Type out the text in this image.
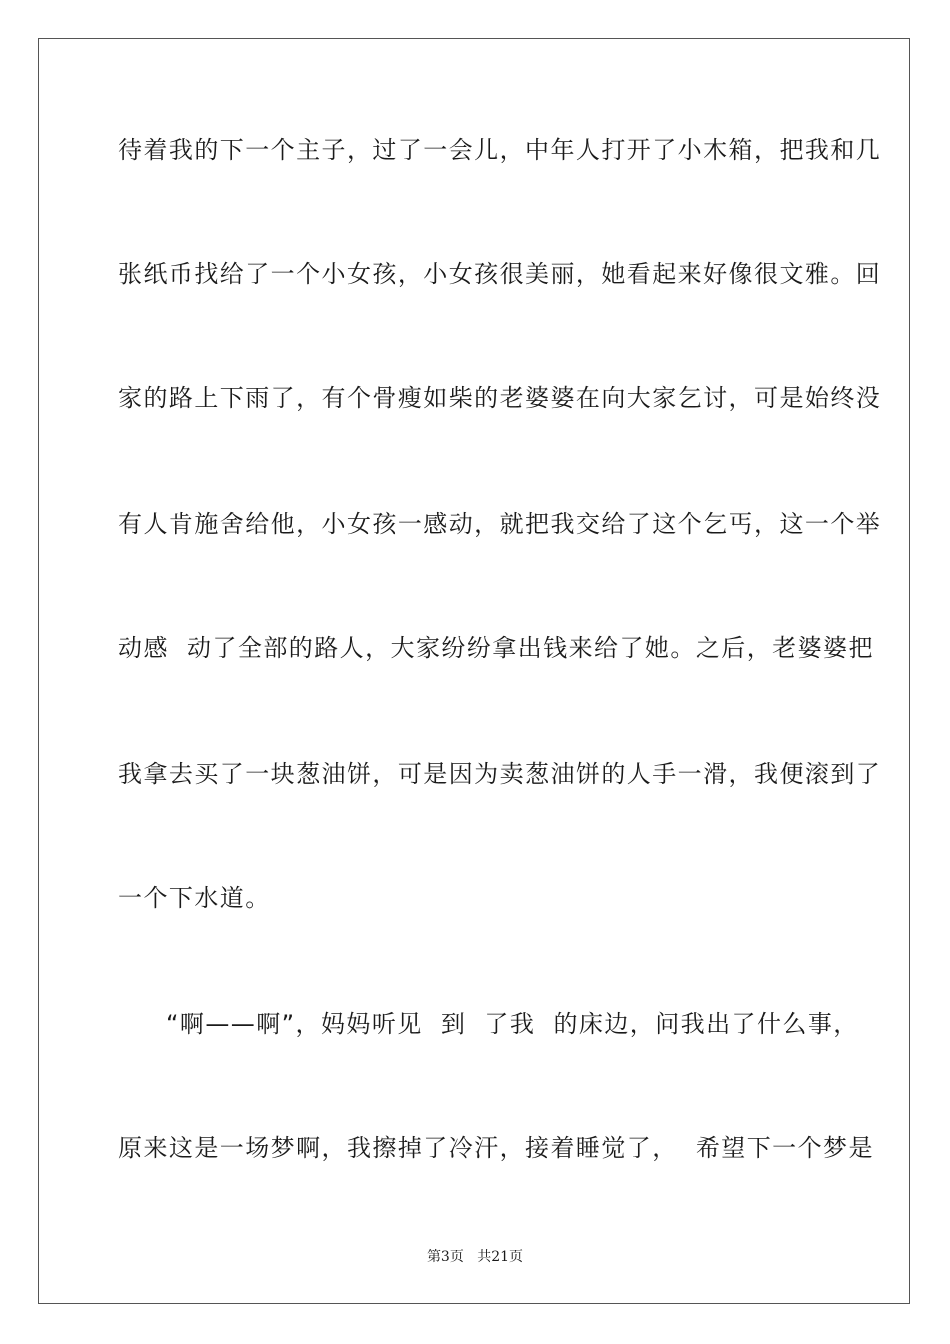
待着我的下一个主子，过了一会儿，中年人打开了小木箱，把我和几
张纸币找给了一个小女孩，小女孩很美丽，她看起来好像很文雅。回
家的路上下雨了，有个骨瘦如柴的老婆婆在向大家乞讨，可是始终没
有人肯施舍给他，小女孩一感动，就把我交给了这个乞丐，这一个举
动感  动了全部的路人，大家纷纷拿出钱来给了她。之后，老婆婆把
我拿去买了一块葱油饼，可是因为卖葱油饼的人手一滑，我便滚到了
一个下水道。
“啊——啊”，妈妈听见  到  了我  的床边，问我出了什么事，
原来这是一场梦啊，我擦掉了冷汗，接着睡觉了，  希望下一个梦是
第3页 共21页
